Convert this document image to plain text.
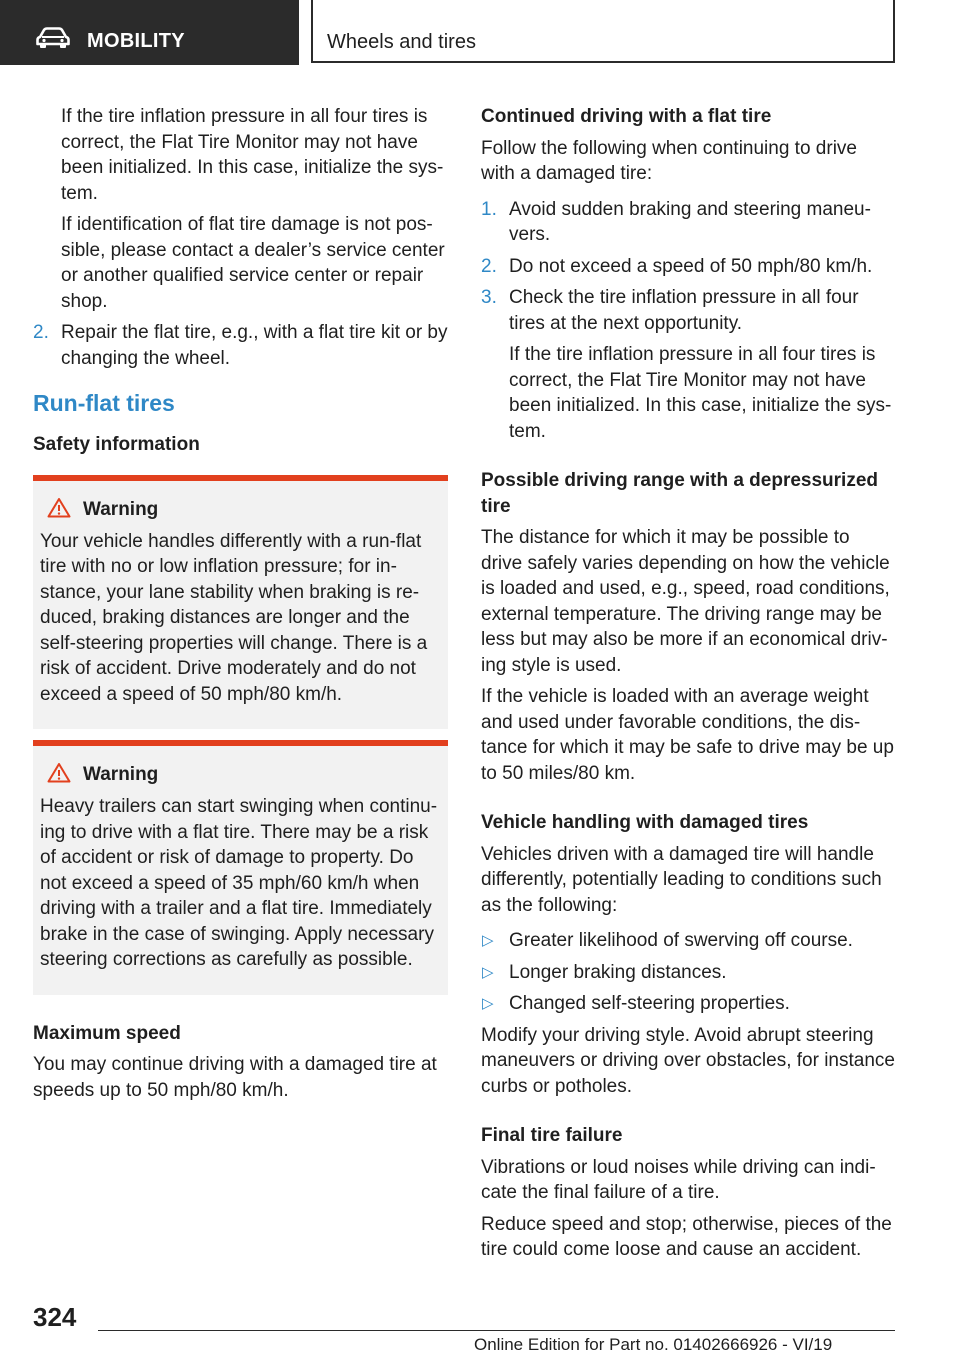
MOBILITY	Wheels and tires

If the tire inflation pressure in all four tires is correct, the Flat Tire Monitor may not have been initialized. In this case, initialize the sys-tem.

If identification of flat tire damage is not pos-sible, please contact a dealer’s service center or another qualified service center or repair shop.

2. Repair the flat tire, e.g., with a flat tire kit or by changing the wheel.
Run-flat tires

Safety information

Warning

Your vehicle handles differently with a run-flat tire with no or low inflation pressure; for in-stance, your lane stability when braking is re-duced, braking distances are longer and the self-steering properties will change. There is a risk of accident. Drive moderately and do not exceed a speed of 50 mph/80 km/h.

Warning

Heavy trailers can start swinging when continu-ing to drive with a flat tire. There may be a risk of accident or risk of damage to property. Do not exceed a speed of 35 mph/60 km/h when driving with a trailer and a flat tire. Immediately brake in the case of swinging. Apply necessary steering corrections as carefully as possible.

Maximum speed

You may continue driving with a damaged tire at speeds up to 50 mph/80 km/h.

Continued driving with a flat tire

Follow the following when continuing to drive with a damaged tire:

1. Avoid sudden braking and steering maneu-vers.
2. Do not exceed a speed of 50 mph/80 km/h.
3. Check the tire inflation pressure in all four tires at the next opportunity.

If the tire inflation pressure in all four tires is correct, the Flat Tire Monitor may not have been initialized. In this case, initialize the sys-tem.

Possible driving range with a depressurized tire

The distance for which it may be possible to drive safely varies depending on how the vehicle is loaded and used, e.g., speed, road conditions, external temperature. The driving range may be less but may also be more if an economical driv-ing style is used.

If the vehicle is loaded with an average weight and used under favorable conditions, the dis-tance for which it may be safe to drive may be up to 50 miles/80 km.

Vehicle handling with damaged tires

Vehicles driven with a damaged tire will handle differently, potentially leading to conditions such as the following:

▷ Greater likelihood of swerving off course.
▷ Longer braking distances.
▷ Changed self-steering properties.

Modify your driving style. Avoid abrupt steering maneuvers or driving over obstacles, for instance curbs or potholes.

Final tire failure

Vibrations or loud noises while driving can indi-cate the final failure of a tire.

Reduce speed and stop; otherwise, pieces of the tire could come loose and cause an accident.

324
Online Edition for Part no. 01402666926 - VI/19
